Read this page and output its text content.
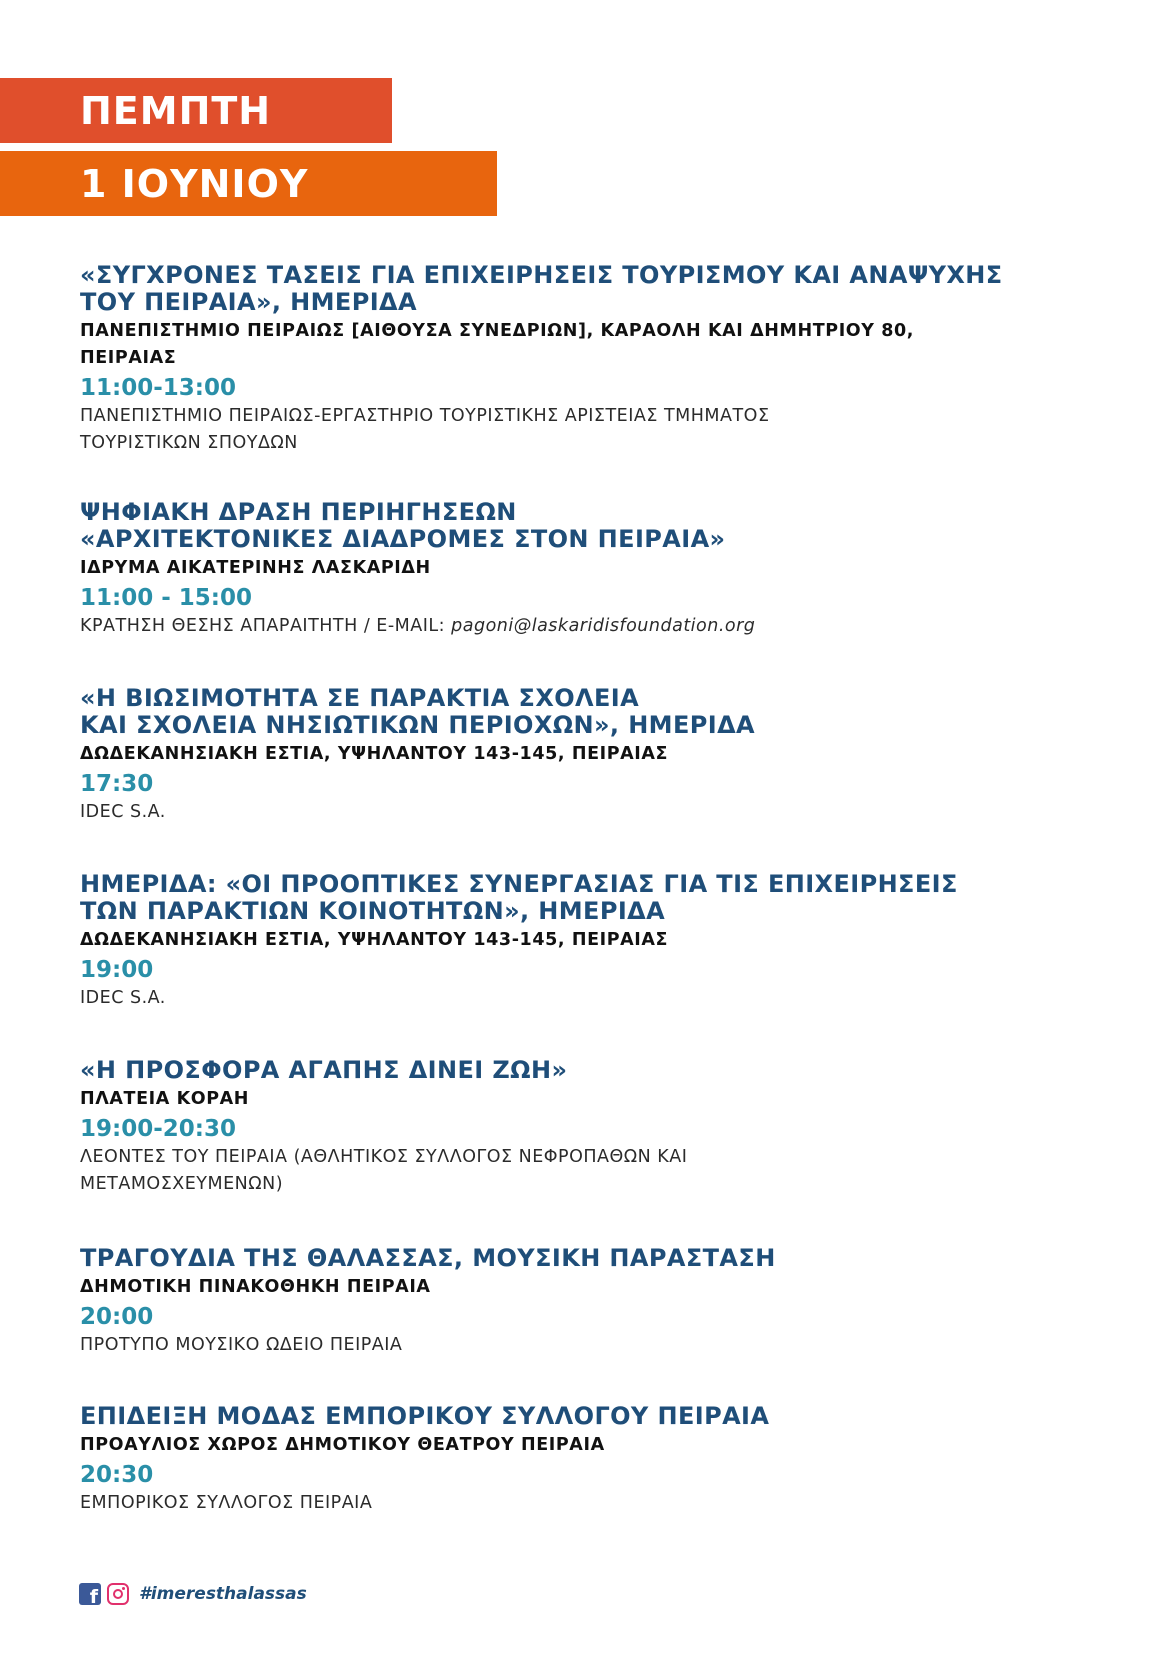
ΠΕΜΠΤΗ
1 ΙΟΥΝΙΟΥ
«ΣΥΓΧΡΟΝΕΣ ΤΑΣΕΙΣ ΓΙΑ ΕΠΙΧΕΙΡΗΣΕΙΣ ΤΟΥΡΙΣΜΟΥ ΚΑΙ ΑΝΑΨΥΧΗΣ
ΤΟΥ ΠΕΙΡΑΙΑ», ΗΜΕΡΙΔΑ
ΠΑΝΕΠΙΣΤΗΜΙΟ ΠΕΙΡΑΙΩΣ [ΑΙΘΟΥΣΑ ΣΥΝΕΔΡΙΩΝ], ΚΑΡΑΟΛΗ ΚΑΙ ΔΗΜΗΤΡΙΟΥ 80,
ΠΕΙΡΑΙΑΣ
11:00-13:00
ΠΑΝΕΠΙΣΤΗΜΙΟ ΠΕΙΡΑΙΩΣ-ΕΡΓΑΣΤΗΡΙΟ ΤΟΥΡΙΣΤΙΚΗΣ ΑΡΙΣΤΕΙΑΣ ΤΜΗΜΑΤΟΣ
ΤΟΥΡΙΣΤΙΚΩΝ ΣΠΟΥΔΩΝ
ΨΗΦΙΑΚΗ ΔΡΑΣΗ ΠΕΡΙΗΓΗΣΕΩΝ
«ΑΡΧΙΤΕΚΤΟΝΙΚΕΣ ΔΙΑΔΡΟΜΕΣ ΣΤΟΝ ΠΕΙΡΑΙΑ»
ΙΔΡΥΜΑ ΑΙΚΑΤΕΡΙΝΗΣ ΛΑΣΚΑΡΙΔΗ
11:00 - 15:00
ΚΡΑΤΗΣΗ ΘΕΣΗΣ ΑΠΑΡΑΙΤΗΤΗ / E-MAIL: pagoni@laskaridisfoundation.org
«Η ΒΙΩΣΙΜΟΤΗΤΑ ΣΕ ΠΑΡΑΚΤΙΑ ΣΧΟΛΕΙΑ
ΚΑΙ ΣΧΟΛΕΙΑ ΝΗΣΙΩΤΙΚΩΝ ΠΕΡΙΟΧΩΝ», ΗΜΕΡΙΔΑ
ΔΩΔΕΚΑΝΗΣΙΑΚΗ ΕΣΤΙΑ, ΥΨΗΛΑΝΤΟΥ 143-145, ΠΕΙΡΑΙΑΣ
17:30
IDEC S.A.
ΗΜΕΡΙΔΑ: «ΟΙ ΠΡΟΟΠΤΙΚΕΣ ΣΥΝΕΡΓΑΣΙΑΣ ΓΙΑ ΤΙΣ ΕΠΙΧΕΙΡΗΣΕΙΣ
ΤΩΝ ΠΑΡΑΚΤΙΩΝ ΚΟΙΝΟΤΗΤΩΝ», ΗΜΕΡΙΔΑ
ΔΩΔΕΚΑΝΗΣΙΑΚΗ ΕΣΤΙΑ, ΥΨΗΛΑΝΤΟΥ 143-145, ΠΕΙΡΑΙΑΣ
19:00
IDEC S.A.
«Η ΠΡΟΣΦΟΡΑ ΑΓΑΠΗΣ ΔΙΝΕΙ ΖΩΗ»
ΠΛΑΤΕΙΑ ΚΟΡΑΗ
19:00-20:30
ΛΕΟΝΤΕΣ ΤΟΥ ΠΕΙΡΑΙΑ (ΑΘΛΗΤΙΚΟΣ ΣΥΛΛΟΓΟΣ ΝΕΦΡΟΠΑΘΩΝ ΚΑΙ
ΜΕΤΑΜΟΣΧΕΥΜΕΝΩΝ)
ΤΡΑΓΟΥΔΙΑ ΤΗΣ ΘΑΛΑΣΣΑΣ, ΜΟΥΣΙΚΗ ΠΑΡΑΣΤΑΣΗ
ΔΗΜΟΤΙΚΗ ΠΙΝΑΚΟΘΗΚΗ ΠΕΙΡΑΙΑ
20:00
ΠΡΟΤΥΠΟ ΜΟΥΣΙΚΟ ΩΔΕΙΟ ΠΕΙΡΑΙΑ
ΕΠΙΔΕΙΞΗ ΜΟΔΑΣ ΕΜΠΟΡΙΚΟΥ ΣΥΛΛΟΓΟΥ ΠΕΙΡΑΙΑ
ΠΡΟΑΥΛΙΟΣ ΧΩΡΟΣ ΔΗΜΟΤΙΚΟΥ ΘΕΑΤΡΟΥ ΠΕΙΡΑΙΑ
20:30
ΕΜΠΟΡΙΚΟΣ ΣΥΛΛΟΓΟΣ ΠΕΙΡΑΙΑ
f
#imeresthalassas
